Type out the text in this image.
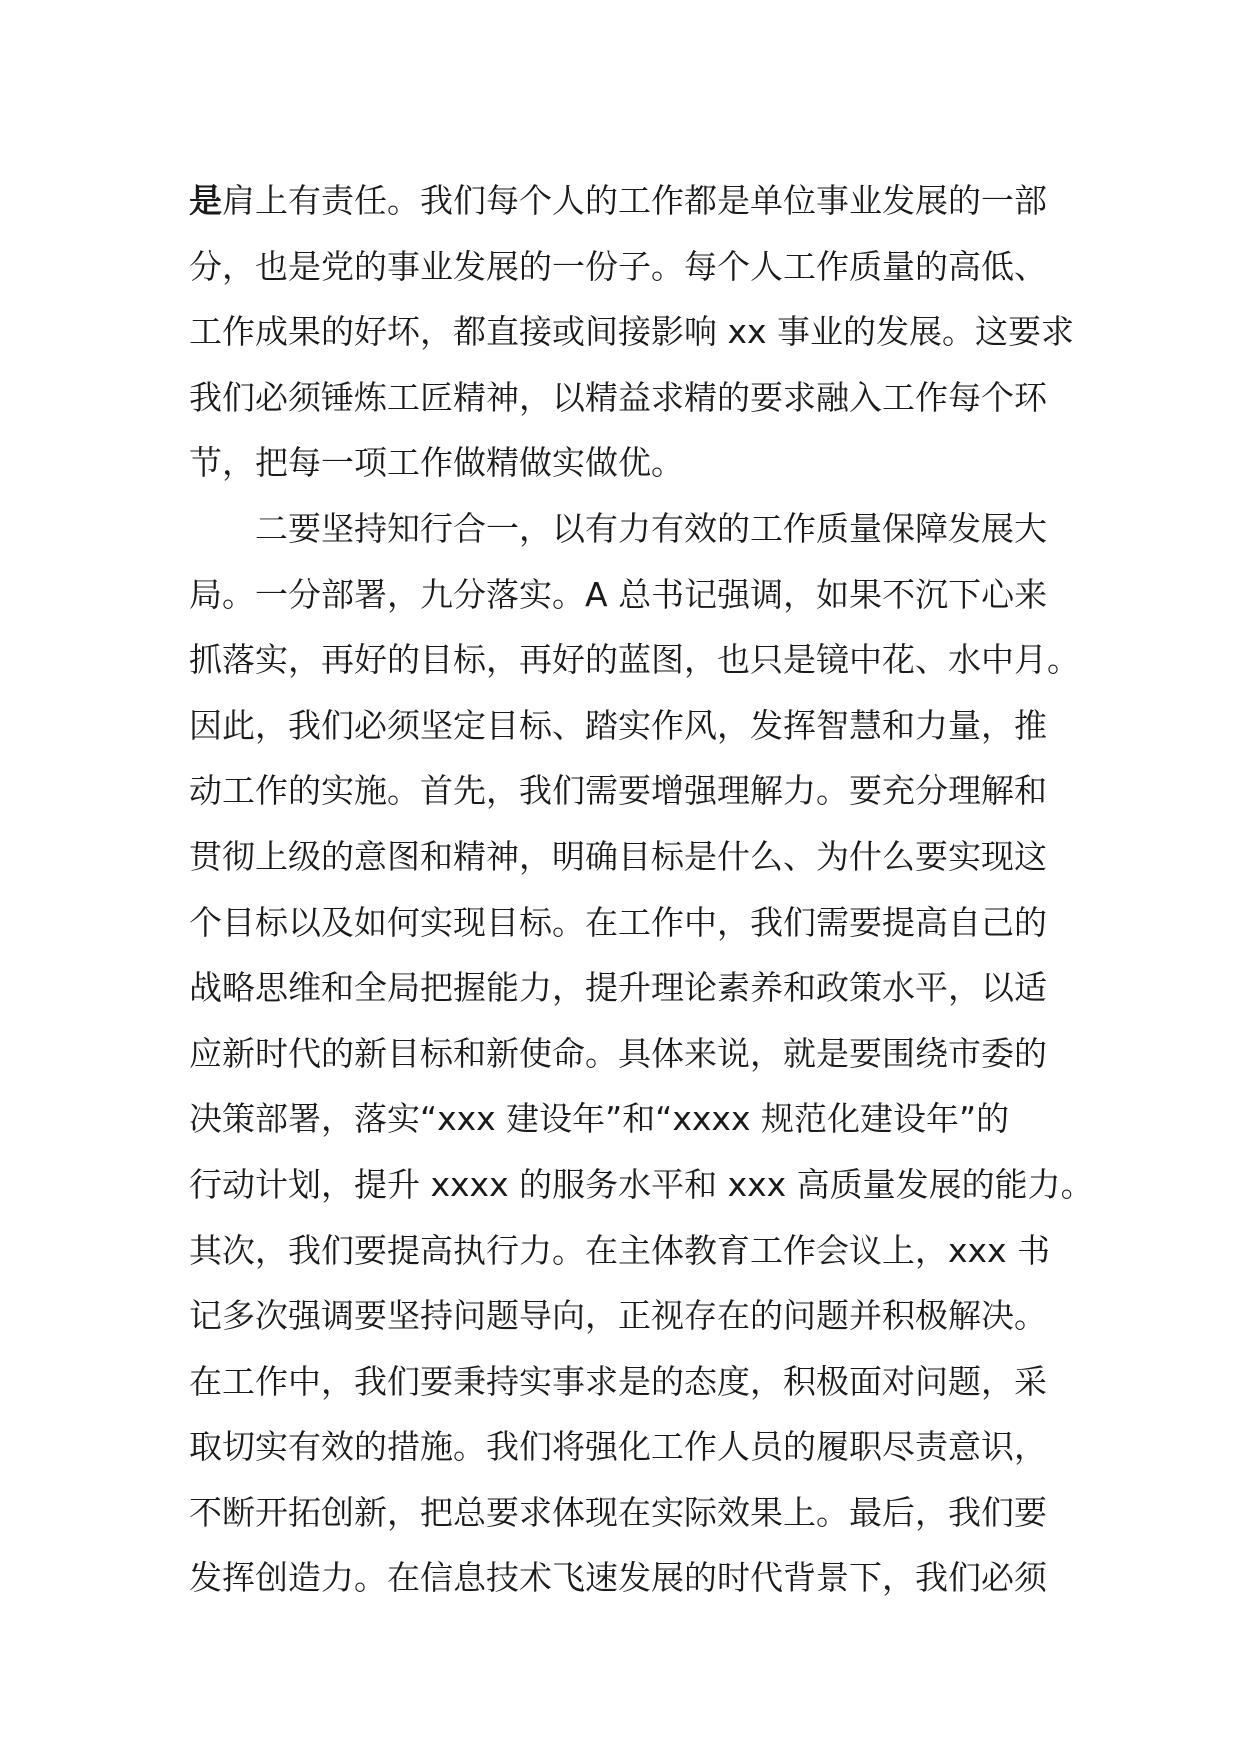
是肩上有责任。我们每个人的工作都是单位事业发展的一部
分，也是党的事业发展的一份子。每个人工作质量的高低、
工作成果的好坏，都直接或间接影响 xx 事业的发展。这要求
我们必须锤炼工匠精神，以精益求精的要求融入工作每个环
节，把每一项工作做精做实做优。
二要坚持知行合一，以有力有效的工作质量保障发展大
局。一分部署，九分落实。A 总书记强调，如果不沉下心来
抓落实，再好的目标，再好的蓝图，也只是镜中花、水中月。
因此，我们必须坚定目标、踏实作风，发挥智慧和力量，推
动工作的实施。首先，我们需要增强理解力。要充分理解和
贯彻上级的意图和精神，明确目标是什么、为什么要实现这
个目标以及如何实现目标。在工作中，我们需要提高自己的
战略思维和全局把握能力，提升理论素养和政策水平，以适
应新时代的新目标和新使命。具体来说，就是要围绕市委的
决策部署，落实“xxx 建设年”和“xxxx 规范化建设年”的
行动计划，提升 xxxx 的服务水平和 xxx 高质量发展的能力。
其次，我们要提高执行力。在主体教育工作会议上，xxx 书
记多次强调要坚持问题导向，正视存在的问题并积极解决。
在工作中，我们要秉持实事求是的态度，积极面对问题，采
取切实有效的措施。我们将强化工作人员的履职尽责意识，
不断开拓创新，把总要求体现在实际效果上。最后，我们要
发挥创造力。在信息技术飞速发展的时代背景下，我们必须
